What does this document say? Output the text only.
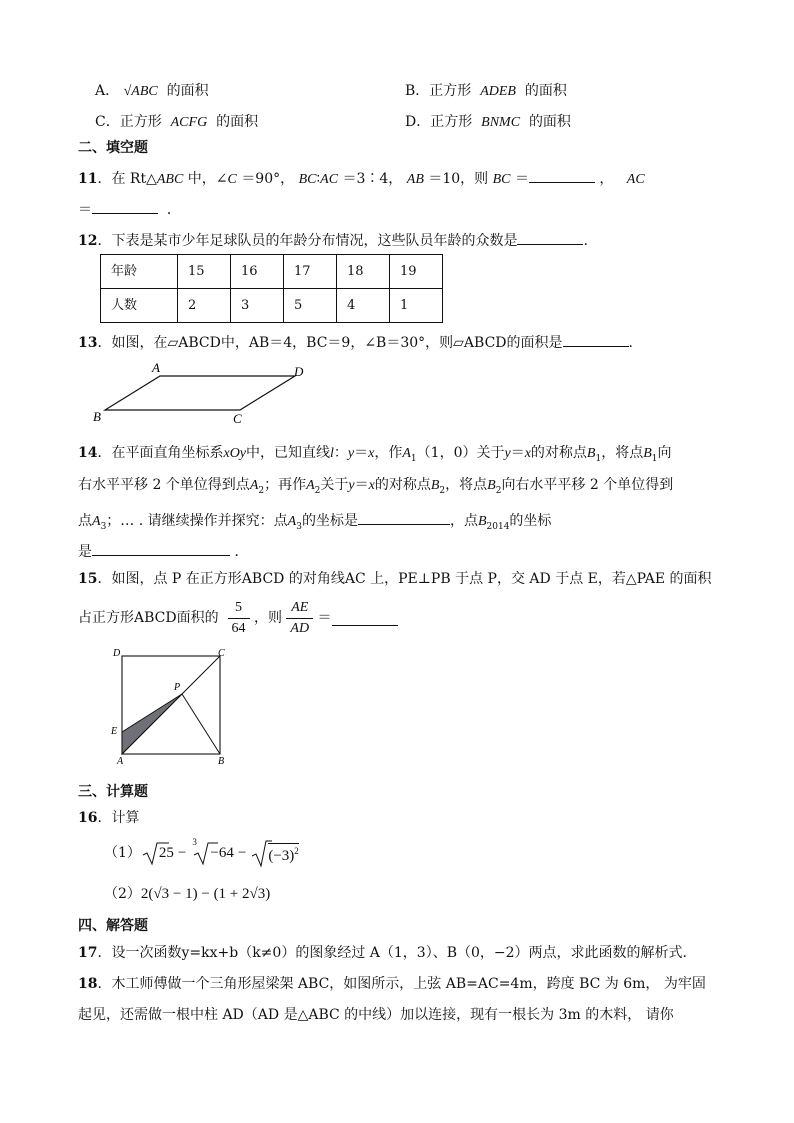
A． √ABC 的面积	B．正方形 ADEB 的面积
C．正方形 ACFG 的面积	D．正方形 BNMC 的面积
二、填空题
11．在 Rt△ABC 中，∠C ＝90°， BC∶AC ＝3∶4， AB ＝10，则 BC ＝	， AC
＝	．
12．下表是某市少年足球队员的年龄分布情况，这些队员年龄的众数是	.
年龄	15	16	17	18	19
人数	2	3	5	4	1
13．如图，在▱ABCD中，AB＝4，BC＝9，∠B＝30°，则▱ABCD的面积是	.
A	D
B	C
14．在平面直角坐标系xOy中，已知直线l：y＝x，作$A_1(1$，0）关于y＝x的对称点$B_1$，将点$B_1$向
右水平平移 2 个单位得到点$A_2$；再作$A_2$关于y＝x的对称点$B_2$，将点$B_2$向右水平平移 2 个单位得到
点$A_3$；… . 请继续操作并探究：点$A_3$的坐标是	，点$B_{2014}$的坐标
是	．
15．如图，点 P 在正方形ABCD 的对角线AC 上，PE⊥PB 于点 P，交 AD 于点 E，若△PAE 的面积
占正方形ABCD面积的
$\frac{5}{64}$
，则
$\frac{AE}{AD}$
＝
D	C
P
E
A	B
三、计算题
16．计算
（1） 25 −
3
$-64 - (-3)^2$
（2） 2(√3 − 1) − (1 + 2√3)
四、解答题
17．设一次函数y=kx+b（k≠0）的图象经过 A（1，3）、B（0，−2）两点，求此函数的解析式．
18．木工师傅做一个三角形屋梁架 ABC，如图所示，上弦 AB=AC=4m，跨度 BC 为 6m， 为牢固
起见，还需做一根中柱 AD（AD 是△ABC 的中线）加以连接，现有一根长为 3m 的木料， 请你
